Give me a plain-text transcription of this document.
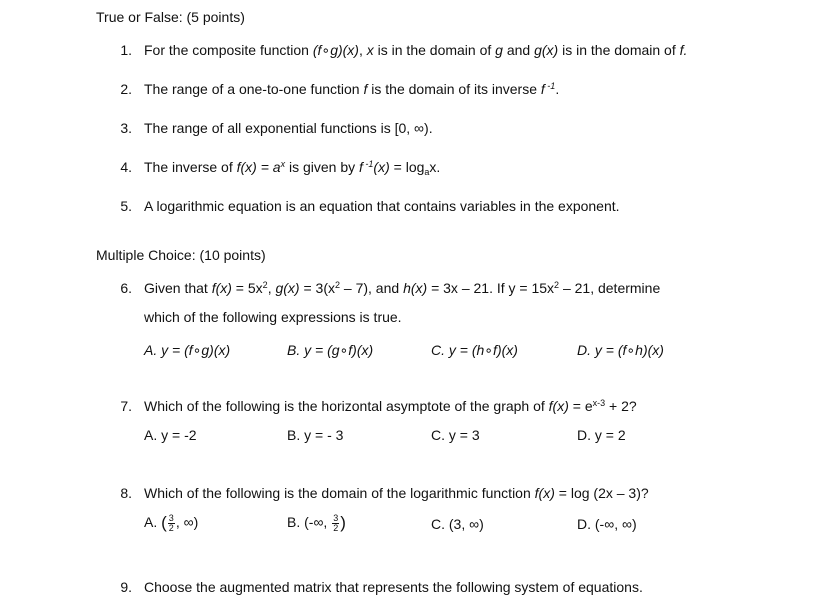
True or False: (5 points)
1. For the composite function (f∘g)(x), x is in the domain of g and g(x) is in the domain of f.
2. The range of a one-to-one function f is the domain of its inverse f $^{-1}$.
3. The range of all exponential functions is [0, ∞).
4. The inverse of $f(x) = a^x$ is given by f $^{-1}(x) = \log_ax$.
5. A logarithmic equation is an equation that contains variables in the exponent.
Multiple Choice: (10 points)
6. Given that $f(x) = 5x^2$, $g(x) = 3(x^2 - 7)$, and h(x) = 3x – 21. If $y = 15x^2 - 21$, determine
which of the following expressions is true.
A. y = (f∘g)(x)	B. y = (g∘f)(x)	C. y = (h∘f)(x)	D. y = (f∘h)(x)
7. Which of the following is the horizontal asymptote of the graph of $f(x) = e^{x-3} + 2$?
A. y = -2	B. y = - 3	C. y = 3	D. y = 2
8. Which of the following is the domain of the logarithmic function f(x) = log (2x – 3)?
A. ( $\frac{3}{2}$ , ∞)	B. (-∞, $\frac{3}{2}$ )	C. (3, ∞)	D. (-∞, ∞)
9. Choose the augmented matrix that represents the following system of equations.
